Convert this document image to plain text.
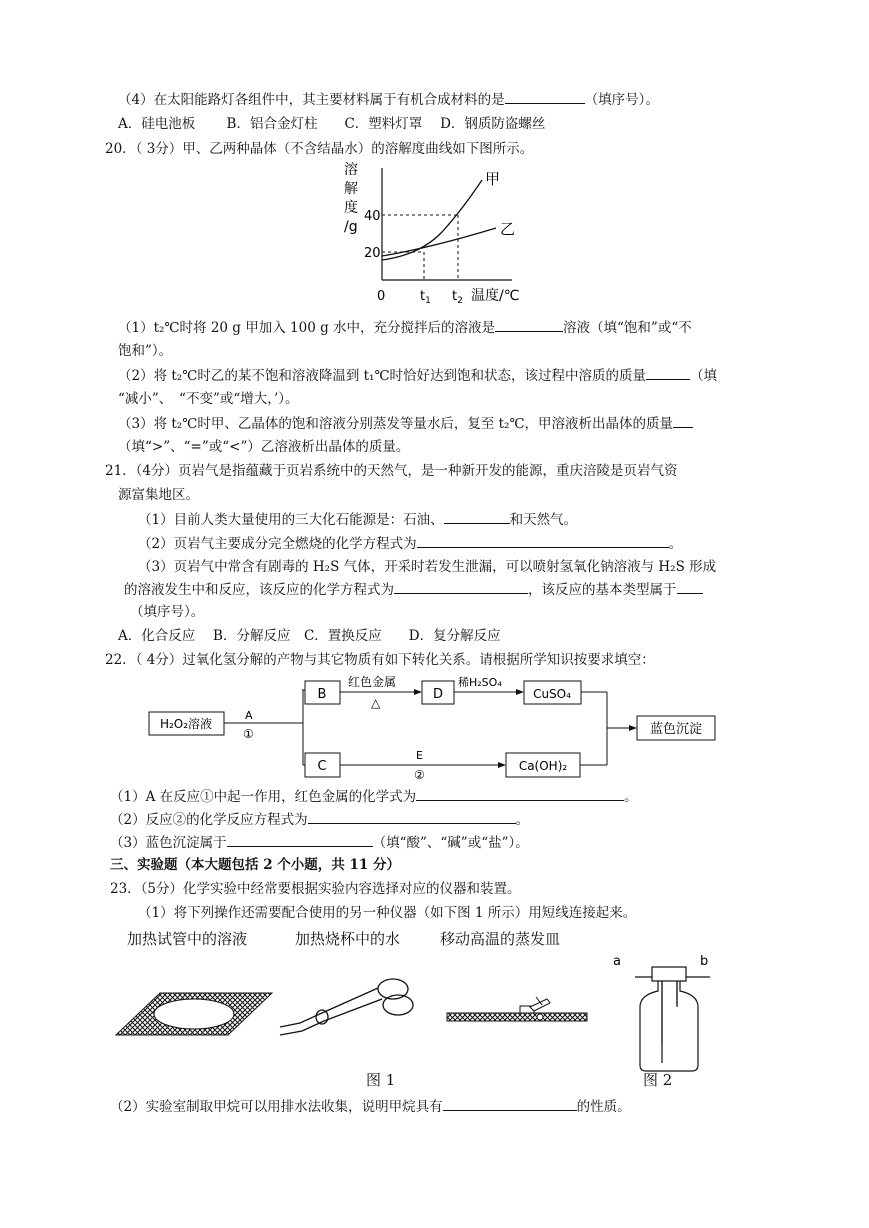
（4）在太阳能路灯各组件中，其主要材料属于有机合成材料的是	（填序号）。
A．硅电池板　　 B．铝合金灯柱　　C．塑料灯罩　 D．钢质防盗螺丝
20．（ 3分）甲、乙两种晶体（不含结晶水）的溶解度曲线如下图所示。
溶
解
度
/g
40
20
0	$t_1$ $t_2$ 温度/℃
甲
乙
（1）t₂℃时将 20 g 甲加入 100 g 水中，充分搅拌后的溶液是	溶液（填“饱和”或“不
饱和”）。
（2）将 t₂℃时乙的某不饱和溶液降温到 t₁℃时恰好达到饱和状态，该过程中溶质的质量	（填
“减小”、　“不变”或“增大，’）。
（3）将 t₂℃时甲、乙晶体的饱和溶液分别蒸发等量水后，复至 t₂℃，甲溶液析出晶体的质量
（填“>”、“=”或“<”）乙溶液析出晶体的质量。
21．（4分）页岩气是指蕴藏于页岩系统中的天然气，是一种新开发的能源，重庆涪陵是页岩气资
源富集地区。
（1）目前人类大量使用的三大化石能源是：石油、	和天然气。
（2）页岩气主要成分完全燃烧的化学方程式为	。
（3）页岩气中常含有剧毒的 H₂S 气体，开采时若发生泄漏，可以喷射氢氧化钠溶液与 H₂S 形成
的溶液发生中和反应，该反应的化学方程式为	，该反应的基本类型属于
（填序号）。
A．化合反应　 B．分解反应　C．置换反应　　D．复分解反应
22．（ 4分）过氧化氢分解的产物与其它物质有如下转化关系。请根据所学知识按要求填空：
H₂O₂溶液
A
①
B
红色金属
△
D
稀H₂SO₄
CuSO₄
蓝色沉淀
C
E
②
Ca(OH)₂
（1）A 在反应①中起一作用，红色金属的化学式为	。
（2）反应②的化学反应方程式为	。
（3）蓝色沉淀属于	（填“酸”、“碱”或“盐”）。
三、实验题（本大题包括 2 个小题，共 11 分）
23．（5分）化学实验中经常要根据实验内容选择对应的仪器和装置。
（1）将下列操作还需要配合使用的另一种仪器（如下图 1 所示）用短线连接起来。
加热试管中的溶液	加热烧杯中的水	移动高温的蒸发皿
a	b
图 1	图 2
（2）实验室制取甲烷可以用排水法收集，说明甲烷具有	的性质。
